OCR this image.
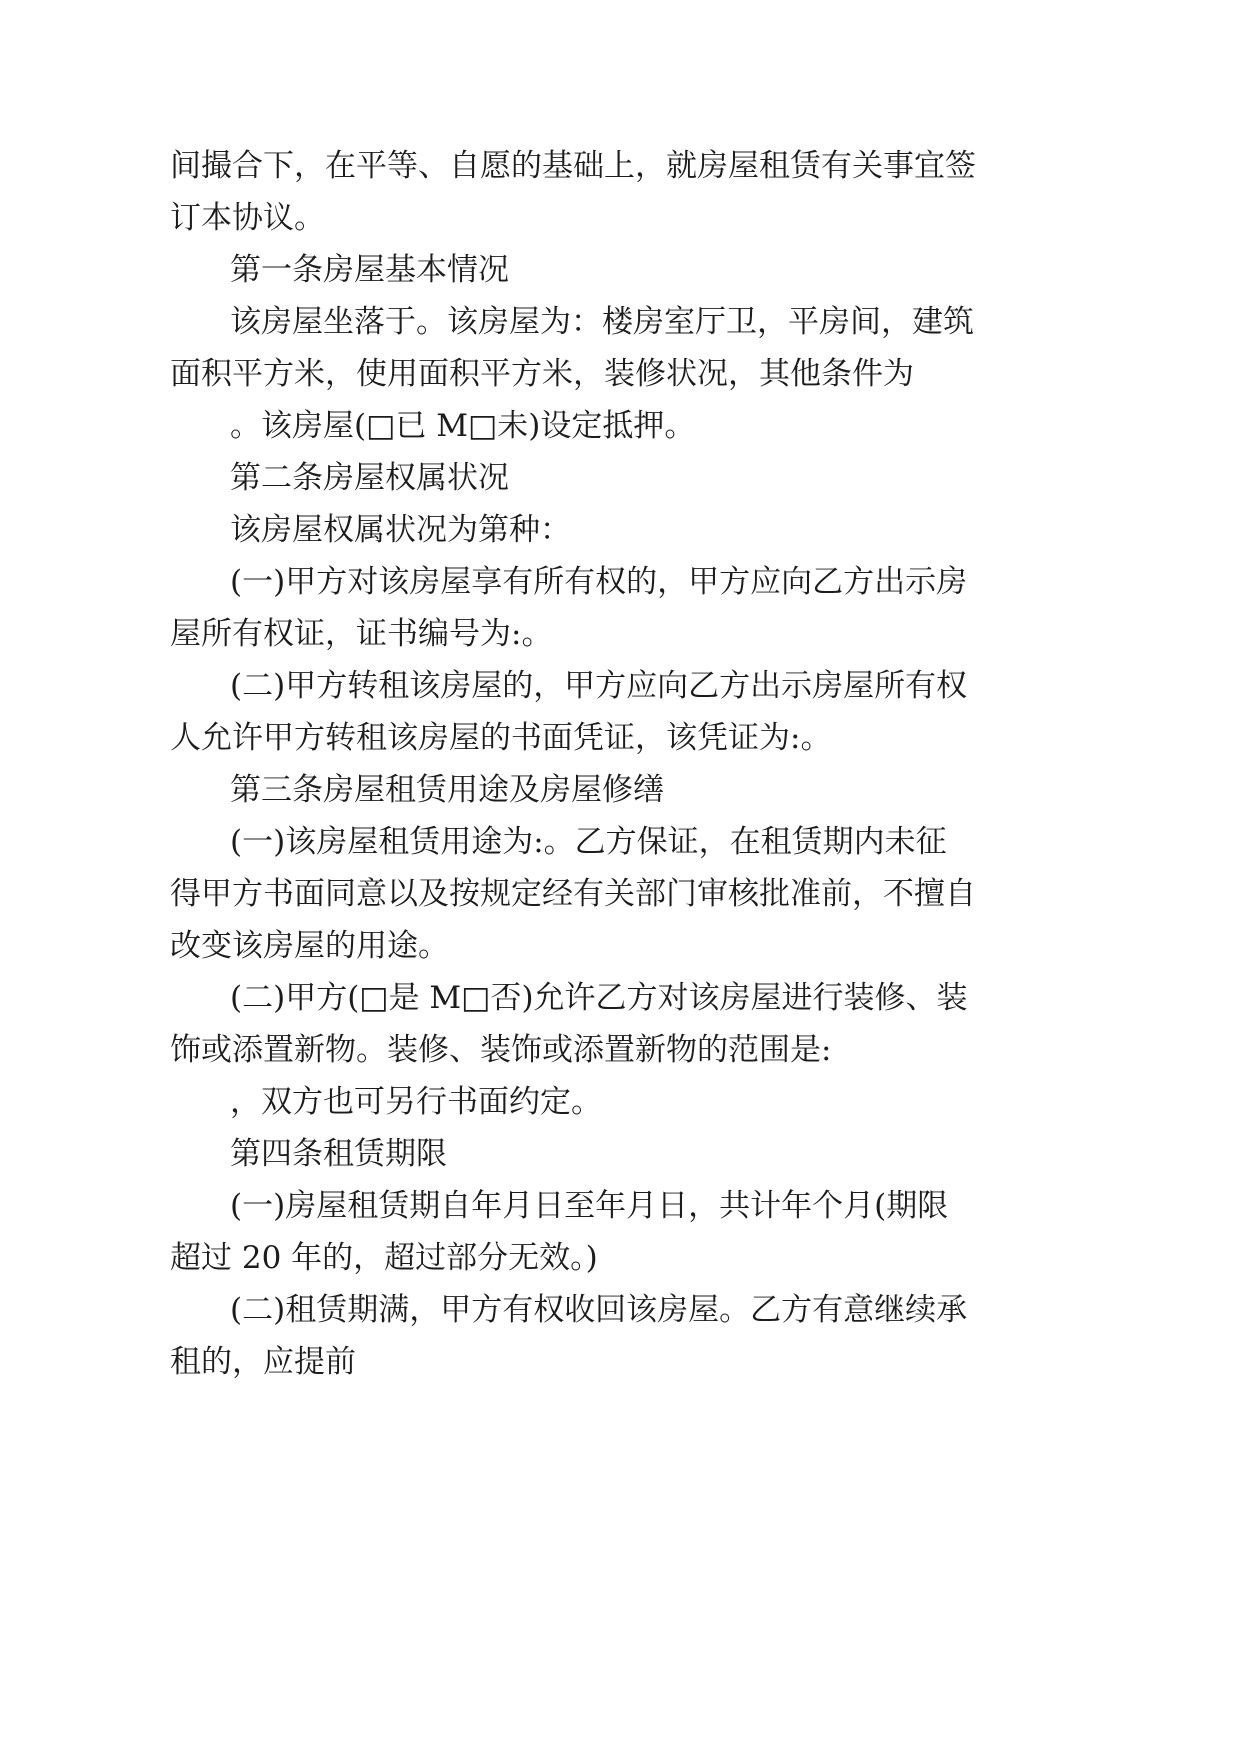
间撮合下，在平等、自愿的基础上，就房屋租赁有关事宜签
订本协议。
第一条房屋基本情况
该房屋坐落于。该房屋为：楼房室厅卫，平房间，建筑
面积平方米，使用面积平方米，装修状况，其他条件为
。该房屋(□已 M□未)设定抵押。
第二条房屋权属状况
该房屋权属状况为第种：
(一)甲方对该房屋享有所有权的，甲方应向乙方出示房
屋所有权证，证书编号为:。
(二)甲方转租该房屋的，甲方应向乙方出示房屋所有权
人允许甲方转租该房屋的书面凭证，该凭证为:。
第三条房屋租赁用途及房屋修缮
(一)该房屋租赁用途为:。乙方保证，在租赁期内未征
得甲方书面同意以及按规定经有关部门审核批准前，不擅自
改变该房屋的用途。
(二)甲方(□是 M□否)允许乙方对该房屋进行装修、装
饰或添置新物。装修、装饰或添置新物的范围是:
，双方也可另行书面约定。
第四条租赁期限
(一)房屋租赁期自年月日至年月日，共计年个月(期限
超过 20 年的，超过部分无效。)
(二)租赁期满，甲方有权收回该房屋。乙方有意继续承
租的，应提前
